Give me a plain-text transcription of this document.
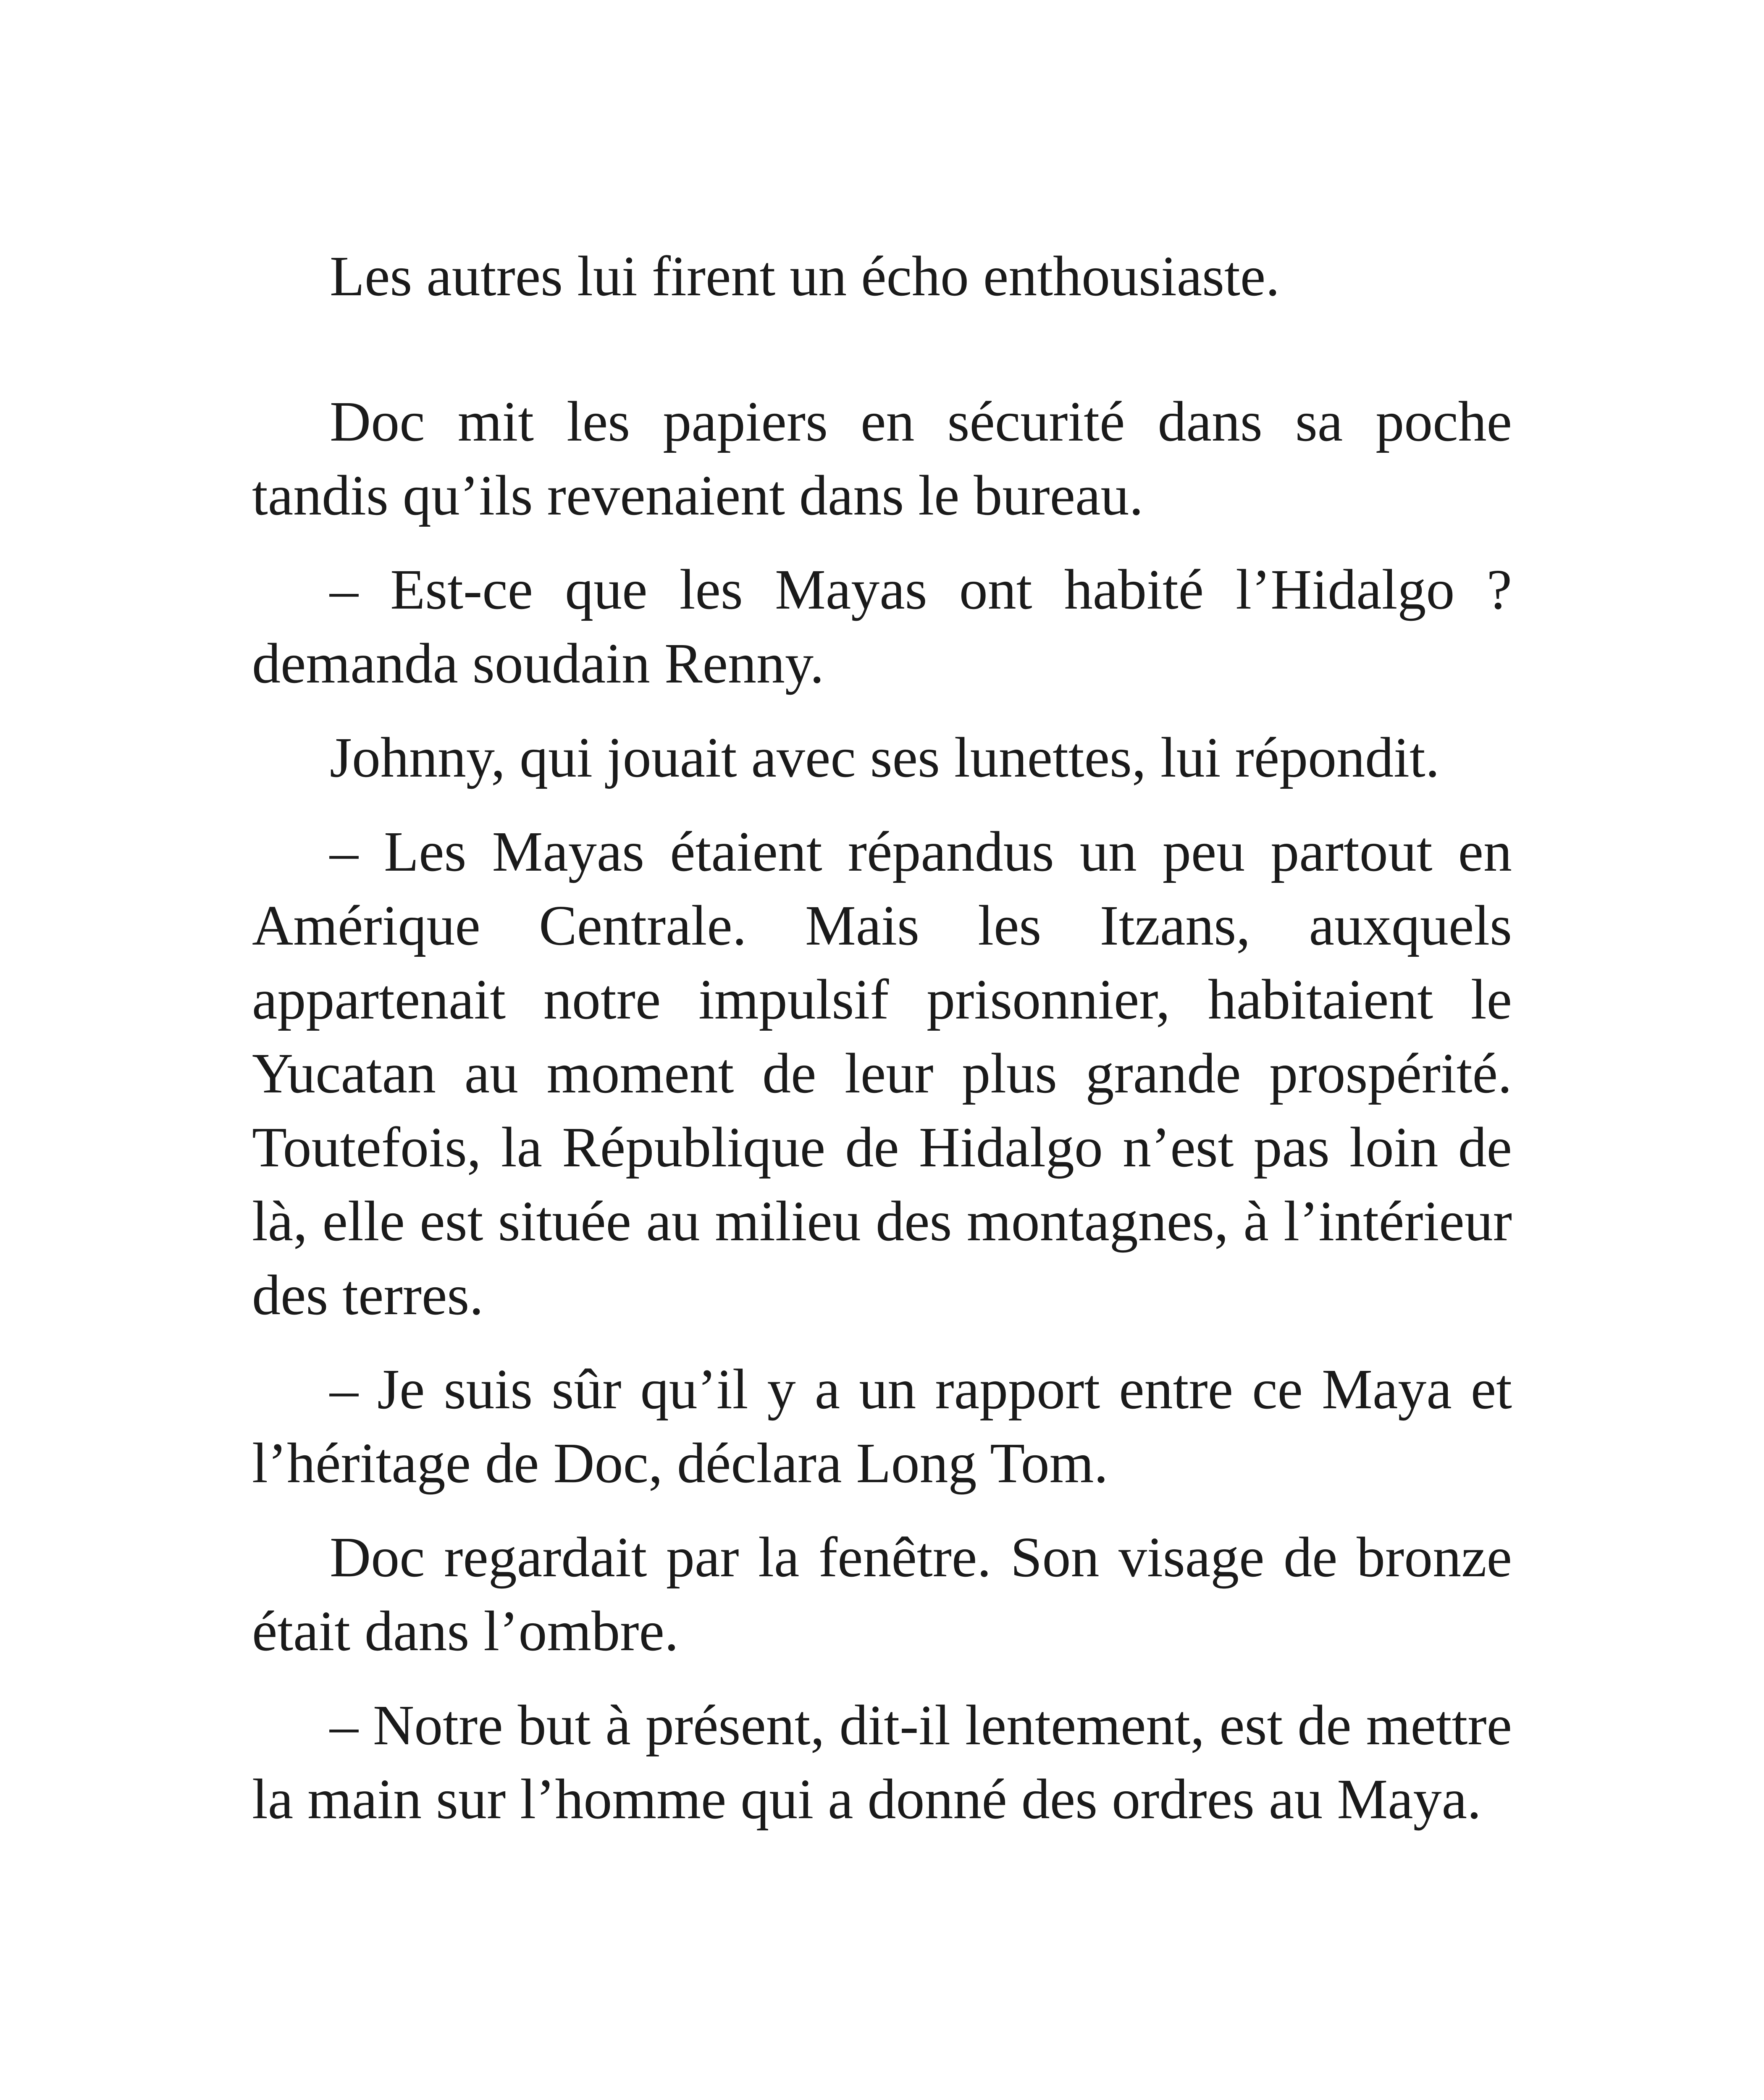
Les autres lui firent un écho enthousiaste.

Doc mit les papiers en sécurité dans sa poche tandis qu’ils revenaient dans le bureau.

– Est-ce que les Mayas ont habité l’Hidalgo ? demanda soudain Renny.

Johnny, qui jouait avec ses lunettes, lui répondit.

– Les Mayas étaient répandus un peu partout en Amérique Centrale. Mais les Itzans, auxquels appartenait notre impulsif prisonnier, habitaient le Yucatan au moment de leur plus grande prospérité. Toutefois, la République de Hidalgo n’est pas loin de là, elle est située au milieu des montagnes, à l’intérieur des terres.

– Je suis sûr qu’il y a un rapport entre ce Maya et l’héritage de Doc, déclara Long Tom.

Doc regardait par la fenêtre. Son visage de bronze était dans l’ombre.

– Notre but à présent, dit-il lentement, est de mettre la main sur l’homme qui a donné des ordres au Maya.
